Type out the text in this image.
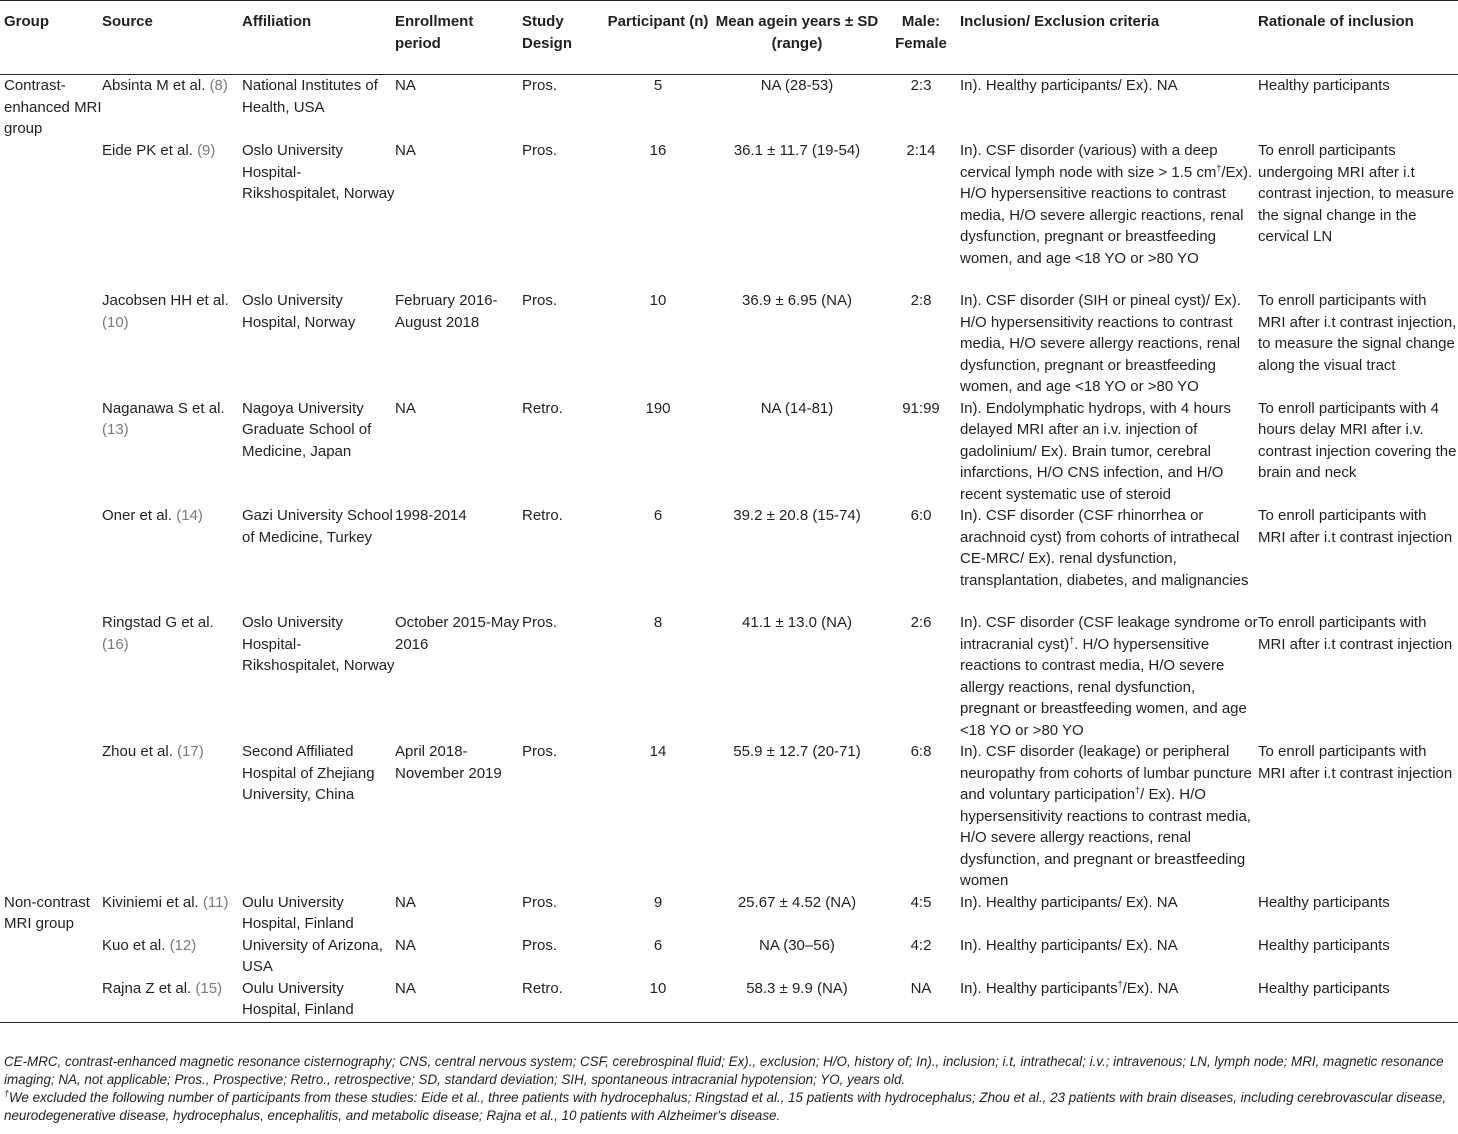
Group	Source	Affiliation	Enrollment period	Study Design	Participant (n)	Mean agein years ± SD (range)	Male: Female	Inclusion/ Exclusion criteria	Rationale of inclusion
Contrast-enhanced MRI group	Absinta M et al. (8)	National Institutes of Health, USA	NA	Pros.	5	NA (28-53)	2:3	In). Healthy participants/ Ex). NA	Healthy participants
	Eide PK et al. (9)	Oslo University Hospital-Rikshospitalet, Norway	NA	Pros.	16	36.1 ± 11.7 (19-54)	2:14	In). CSF disorder (various) with a deep cervical lymph node with size > 1.5 cm†/Ex). H/O hypersensitive reactions to contrast media, H/O severe allergic reactions, renal dysfunction, pregnant or breastfeeding women, and age <18 YO or >80 YO	To enroll participants undergoing MRI after i.t contrast injection, to measure the signal change in the cervical LN
	Jacobsen HH et al. (10)	Oslo University Hospital, Norway	February 2016-August 2018	Pros.	10	36.9 ± 6.95 (NA)	2:8	In). CSF disorder (SIH or pineal cyst)/ Ex). H/O hypersensitivity reactions to contrast media, H/O severe allergy reactions, renal dysfunction, pregnant or breastfeeding women, and age <18 YO or >80 YO	To enroll participants with MRI after i.t contrast injection, to measure the signal change along the visual tract
	Naganawa S et al. (13)	Nagoya University Graduate School of Medicine, Japan	NA	Retro.	190	NA (14-81)	91:99	In). Endolymphatic hydrops, with 4 hours delayed MRI after an i.v. injection of gadolinium/ Ex). Brain tumor, cerebral infarctions, H/O CNS infection, and H/O recent systematic use of steroid	To enroll participants with 4 hours delay MRI after i.v. contrast injection covering the brain and neck
	Oner et al. (14)	Gazi University School of Medicine, Turkey	1998-2014	Retro.	6	39.2 ± 20.8 (15-74)	6:0	In). CSF disorder (CSF rhinorrhea or arachnoid cyst) from cohorts of intrathecal CE-MRC/ Ex). renal dysfunction, transplantation, diabetes, and malignancies	To enroll participants with MRI after i.t contrast injection
	Ringstad G et al. (16)	Oslo University Hospital-Rikshospitalet, Norway	October 2015-May 2016	Pros.	8	41.1 ± 13.0 (NA)	2:6	In). CSF disorder (CSF leakage syndrome or intracranial cyst)†. H/O hypersensitive reactions to contrast media, H/O severe allergy reactions, renal dysfunction, pregnant or breastfeeding women, and age <18 YO or >80 YO	To enroll participants with MRI after i.t contrast injection
	Zhou et al. (17)	Second Affiliated Hospital of Zhejiang University, China	April 2018-November 2019	Pros.	14	55.9 ± 12.7 (20-71)	6:8	In). CSF disorder (leakage) or peripheral neuropathy from cohorts of lumbar puncture and voluntary participation†/ Ex). H/O hypersensitivity reactions to contrast media, H/O severe allergy reactions, renal dysfunction, and pregnant or breastfeeding women	To enroll participants with MRI after i.t contrast injection
Non-contrast MRI group	Kiviniemi et al. (11)	Oulu University Hospital, Finland	NA	Pros.	9	25.67 ± 4.52 (NA)	4:5	In). Healthy participants/ Ex). NA	Healthy participants
	Kuo et al. (12)	University of Arizona, USA	NA	Pros.	6	NA (30–56)	4:2	In). Healthy participants/ Ex). NA	Healthy participants
	Rajna Z et al. (15)	Oulu University Hospital, Finland	NA	Retro.	10	58.3 ± 9.9 (NA)	NA	In). Healthy participants†/Ex). NA	Healthy participants

CE-MRC, contrast-enhanced magnetic resonance cisternography; CNS, central nervous system; CSF, cerebrospinal fluid; Ex)., exclusion; H/O, history of; In)., inclusion; i.t, intrathecal; i.v.; intravenous; LN, lymph node; MRI, magnetic resonance imaging; NA, not applicable; Pros., Prospective; Retro., retrospective; SD, standard deviation; SIH, spontaneous intracranial hypotension; YO, years old.

†We excluded the following number of participants from these studies: Eide et al., three patients with hydrocephalus; Ringstad et al., 15 patients with hydrocephalus; Zhou et al., 23 patients with brain diseases, including cerebrovascular disease, neurodegenerative disease, hydrocephalus, encephalitis, and metabolic disease; Rajna et al., 10 patients with Alzheimer's disease.
